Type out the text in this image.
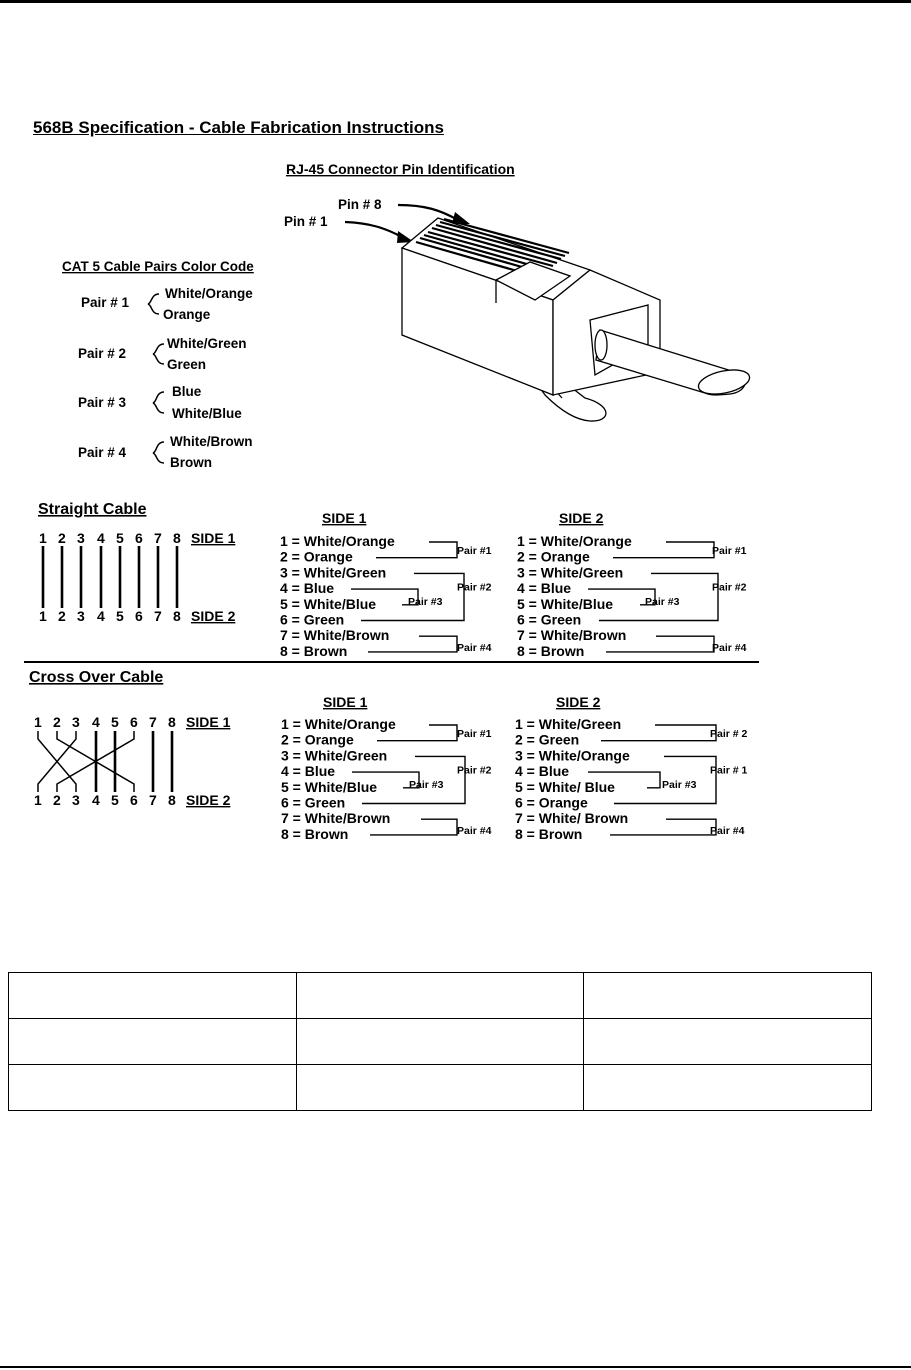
568B Specification - Cable Fabrication Instructions
RJ-45 Connector Pin Identification
Pin # 8
Pin # 1
CAT 5 Cable Pairs Color Code
Pair # 1
White/Orange
Orange
Pair # 2
White/Green
Green
Pair # 3
Blue
White/Blue
Pair # 4
White/Brown
Brown
Straight Cable
1 2 3 4 5 6 7 8
1 2 3 4 5 6 7 8
SIDE 1
SIDE 2
SIDE 1	SIDE 2
1 = White/Orange
2 = Orange
3 = White/Green
4 = Blue
5 = White/Blue
6 = Green
7 = White/Brown
8 = Brown
Pair #1
Pair #2
Pair #3
Pair #4
1 = White/Orange
2 = Orange
3 = White/Green
4 = Blue
5 = White/Blue
6 = Green
7 = White/Brown
8 = Brown
Pair #1
Pair #2
Pair #3
Pair #4
Cross Over Cable
1 2 3 4 5 6 7 8
1 2 3 4 5 6 7 8
SIDE 1
SIDE 2
SIDE 1	SIDE 2
1 = White/Orange
2 = Orange
3 = White/Green
4 = Blue
5 = White/Blue
6 = Green
7 = White/Brown
8 = Brown
Pair #1
Pair #2
Pair #3
Pair #4
1 = White/Green
2 = Green
3 = White/Orange
4 = Blue
5 = White/ Blue
6 = Orange
7 = White/ Brown
8 = Brown
Pair # 2
Pair # 1
Pair #3
Pair #4
